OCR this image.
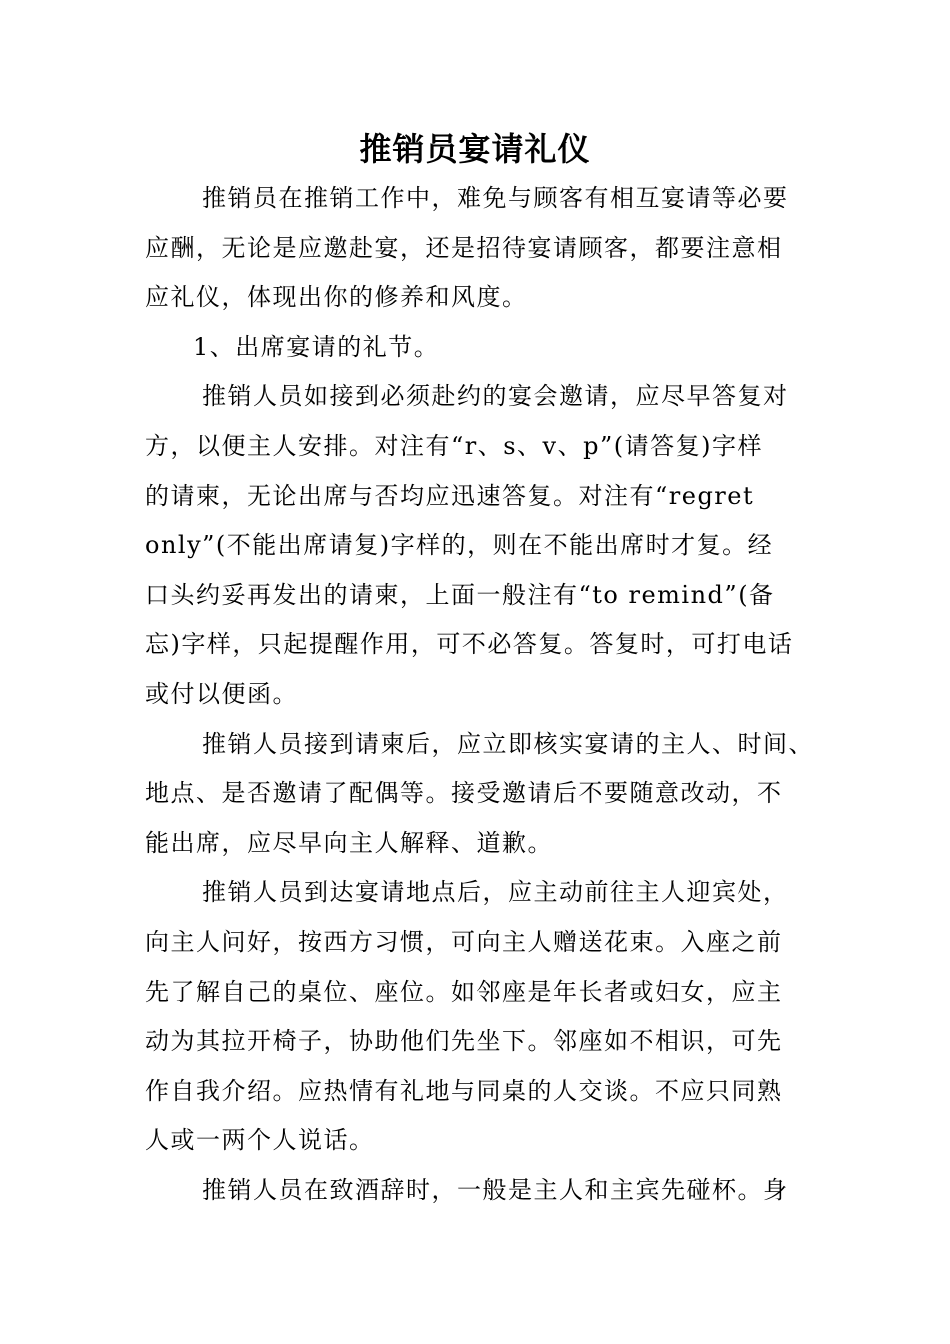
推销员宴请礼仪
推销员在推销工作中，难免与顾客有相互宴请等必要
应酬，无论是应邀赴宴，还是招待宴请顾客，都要注意相
应礼仪，体现出你的修养和风度。
1、出席宴请的礼节。
推销人员如接到必须赴约的宴会邀请，应尽早答复对
方，以便主人安排。对注有“r、s、v、p”(请答复)字样
的请柬，无论出席与否均应迅速答复。对注有“regret
only”(不能出席请复)字样的，则在不能出席时才复。经
口头约妥再发出的请柬，上面一般注有“to remind”(备
忘)字样，只起提醒作用，可不必答复。答复时，可打电话
或付以便函。
推销人员接到请柬后，应立即核实宴请的主人、时间、
地点、是否邀请了配偶等。接受邀请后不要随意改动，不
能出席，应尽早向主人解释、道歉。
推销人员到达宴请地点后，应主动前往主人迎宾处，
向主人问好，按西方习惯，可向主人赠送花束。入座之前
先了解自己的桌位、座位。如邻座是年长者或妇女，应主
动为其拉开椅子，协助他们先坐下。邻座如不相识，可先
作自我介绍。应热情有礼地与同桌的人交谈。不应只同熟
人或一两个人说话。
推销人员在致酒辞时，一般是主人和主宾先碰杯。身
